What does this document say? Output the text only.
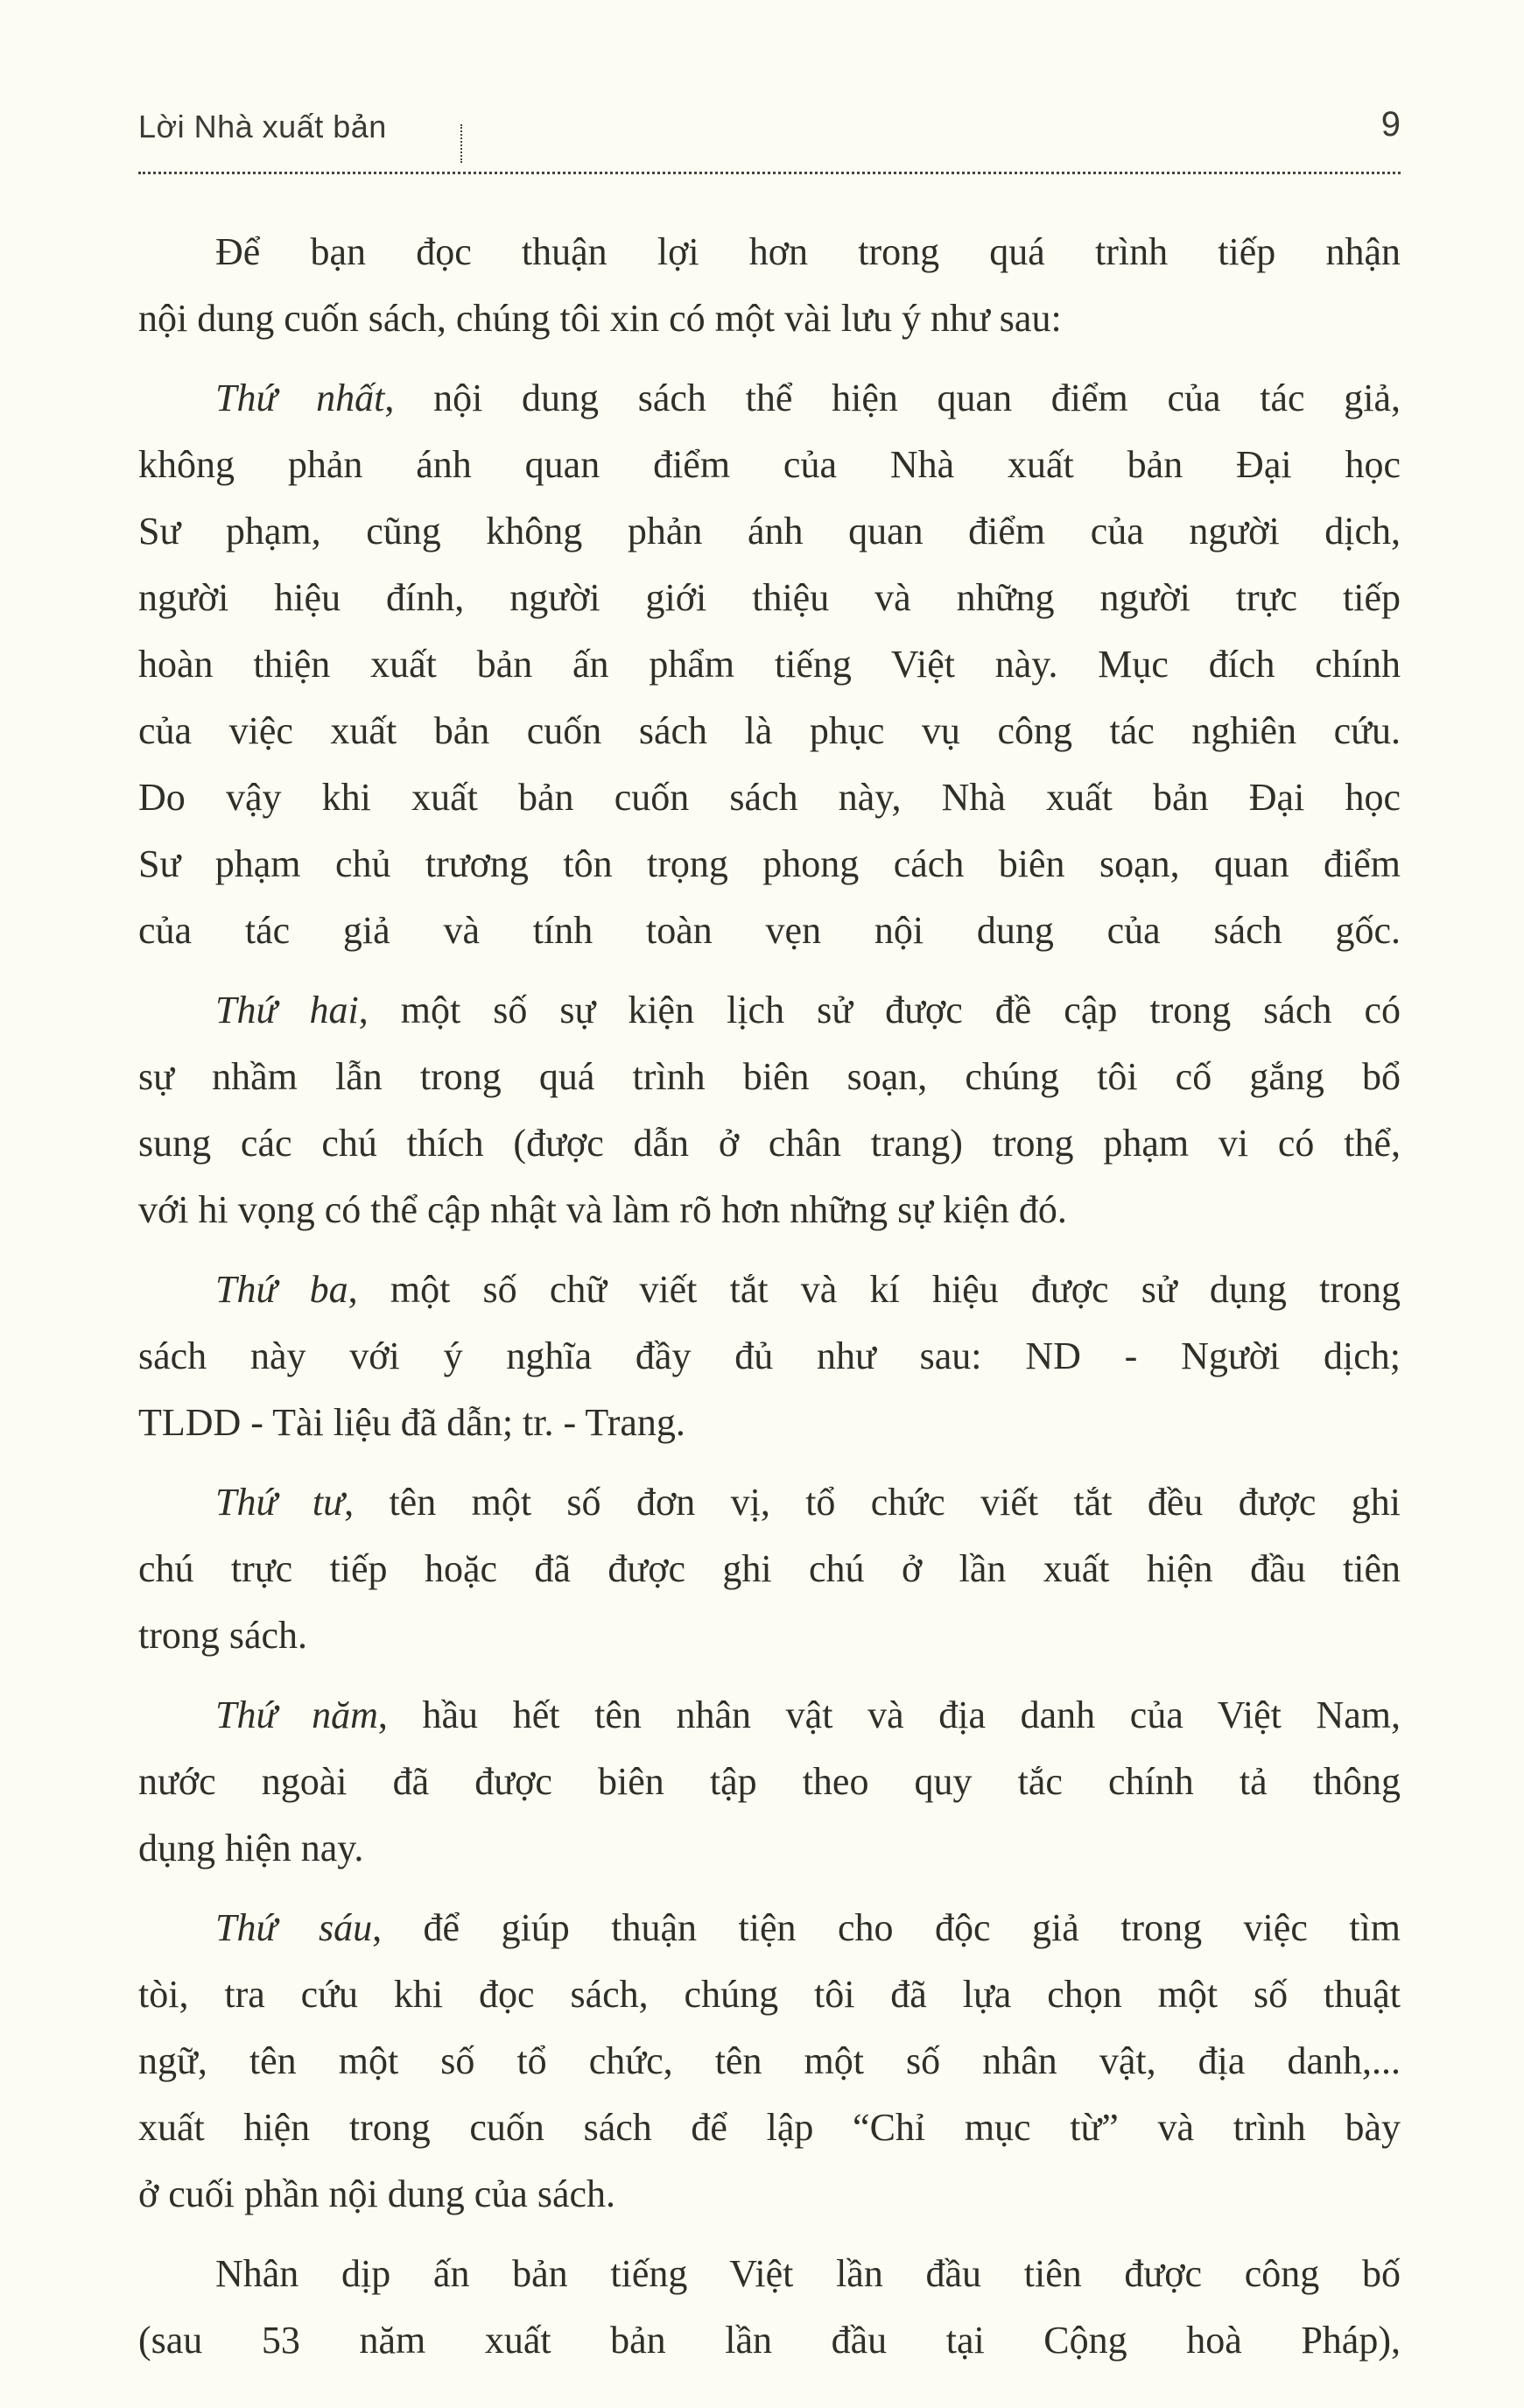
Lời Nhà xuất bản	9
Để bạn đọc thuận lợi hơn trong quá trình tiếp nhận
nội dung cuốn sách, chúng tôi xin có một vài lưu ý như sau:
Thứ nhất, nội dung sách thể hiện quan điểm của tác giả,
không phản ánh quan điểm của Nhà xuất bản Đại học
Sư phạm, cũng không phản ánh quan điểm của người dịch,
người hiệu đính, người giới thiệu và những người trực tiếp
hoàn thiện xuất bản ấn phẩm tiếng Việt này. Mục đích chính
của việc xuất bản cuốn sách là phục vụ công tác nghiên cứu.
Do vậy khi xuất bản cuốn sách này, Nhà xuất bản Đại học
Sư phạm chủ trương tôn trọng phong cách biên soạn, quan điểm
của tác giả và tính toàn vẹn nội dung của sách gốc.
Thứ hai, một số sự kiện lịch sử được đề cập trong sách có
sự nhầm lẫn trong quá trình biên soạn, chúng tôi cố gắng bổ
sung các chú thích (được dẫn ở chân trang) trong phạm vi có thể,
với hi vọng có thể cập nhật và làm rõ hơn những sự kiện đó.
Thứ ba, một số chữ viết tắt và kí hiệu được sử dụng trong
sách này với ý nghĩa đầy đủ như sau: ND - Người dịch;
TLDD - Tài liệu đã dẫn; tr. - Trang.
Thứ tư, tên một số đơn vị, tổ chức viết tắt đều được ghi
chú trực tiếp hoặc đã được ghi chú ở lần xuất hiện đầu tiên
trong sách.
Thứ năm, hầu hết tên nhân vật và địa danh của Việt Nam,
nước ngoài đã được biên tập theo quy tắc chính tả thông
dụng hiện nay.
Thứ sáu, để giúp thuận tiện cho độc giả trong việc tìm
tòi, tra cứu khi đọc sách, chúng tôi đã lựa chọn một số thuật
ngữ, tên một số tổ chức, tên một số nhân vật, địa danh,...
xuất hiện trong cuốn sách để lập “Chỉ mục từ” và trình bày
ở cuối phần nội dung của sách.
Nhân dịp ấn bản tiếng Việt lần đầu tiên được công bố
(sau 53 năm xuất bản lần đầu tại Cộng hoà Pháp),
